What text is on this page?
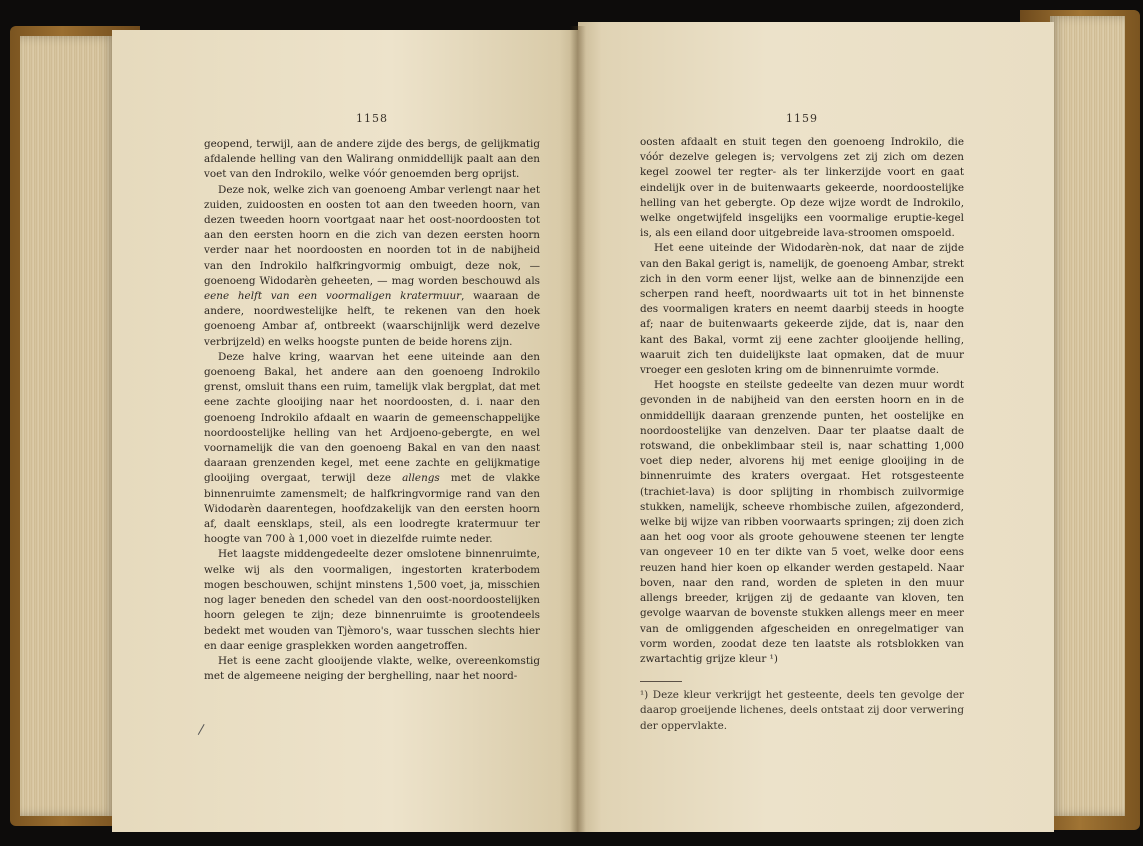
1158

geopend, terwijl, aan de andere zijde des bergs, de gelijkmatig afdalende helling van den Walirang onmiddellijk paalt aan den voet van den Indrokilo, welke vóór genoemden berg oprijst.

Deze nok, welke zich van goenoeng Ambar verlengt naar het zuiden, zuidoosten en oosten tot aan den tweeden hoorn, van dezen tweeden hoorn voortgaat naar het oost-noordoosten tot aan den eersten hoorn en die zich van dezen eersten hoorn verder naar het noordoosten en noorden tot in de nabijheid van den Indrokilo halfkringvormig ombuigt, deze nok, — goenoeng Widodarèn geheeten, — mag worden beschouwd als eene helft van een voormaligen kratermuur, waaraan de andere, noordwestelijke helft, te rekenen van den hoek goenoeng Ambar af, ontbreekt (waarschijnlijk werd dezelve verbrijzeld) en welks hoogste punten de beide horens zijn.

Deze halve kring, waarvan het eene uiteinde aan den goenoeng Bakal, het andere aan den goenoeng Indrokilo grenst, omsluit thans een ruim, tamelijk vlak bergplat, dat met eene zachte glooijing naar het noordoosten, d. i. naar den goenoeng Indrokilo afdaalt en waarin de gemeenschappelijke noordoostelijke helling van het Ardjoeno-gebergte, en wel voornamelijk die van den goenoeng Bakal en van den naast daaraan grenzenden kegel, met eene zachte en gelijkmatige glooijing overgaat, terwijl deze allengs met de vlakke binnenruimte zamensmelt; de halfkringvormige rand van den Widodarèn daarentegen, hoofdzakelijk van den eersten hoorn af, daalt eensklaps, steil, als een loodregte kratermuur ter hoogte van 700 à 1,000 voet in diezelfde ruimte neder.

Het laagste middengedeelte dezer omslotene binnenruimte, welke wij als den voormaligen, ingestorten kraterbodem mogen beschouwen, schijnt minstens 1,500 voet, ja, misschien nog lager beneden den schedel van den oost-noordoostelijken hoorn gelegen te zijn; deze binnenruimte is grootendeels bedekt met wouden van Tjèmoro's, waar tusschen slechts hier en daar eenige grasplekken worden aangetroffen.

Het is eene zacht glooijende vlakte, welke, overeenkomstig met de algemeene neiging der berghelling, naar het noord-

1159

oosten afdaalt en stuit tegen den goenoeng Indrokilo, die vóór dezelve gelegen is; vervolgens zet zij zich om dezen kegel zoowel ter regter- als ter linkerzijde voort en gaat eindelijk over in de buitenwaarts gekeerde, noordoostelijke helling van het gebergte. Op deze wijze wordt de Indrokilo, welke ongetwijfeld insgelijks een voormalige eruptie-kegel is, als een eiland door uitgebreide lava-stroomen omspoeld.

Het eene uiteinde der Widodarèn-nok, dat naar de zijde van den Bakal gerigt is, namelijk, de goenoeng Ambar, strekt zich in den vorm eener lijst, welke aan de binnenzijde een scherpen rand heeft, noordwaarts uit tot in het binnenste des voormaligen kraters en neemt daarbij steeds in hoogte af; naar de buitenwaarts gekeerde zijde, dat is, naar den kant des Bakal, vormt zij eene zachter glooijende helling, waaruit zich ten duidelijkste laat opmaken, dat de muur vroeger een gesloten kring om de binnenruimte vormde.

Het hoogste en steilste gedeelte van dezen muur wordt gevonden in de nabijheid van den eersten hoorn en in de onmiddellijk daaraan grenzende punten, het oostelijke en noordoostelijke van denzelven. Daar ter plaatse daalt de rotswand, die onbeklimbaar steil is, naar schatting 1,000 voet diep neder, alvorens hij met eenige glooijing in de binnenruimte des kraters overgaat. Het rotsgesteente (trachiet-lava) is door splijting in rhombisch zuilvormige stukken, namelijk, scheeve rhombische zuilen, afgezonderd, welke bij wijze van ribben voorwaarts springen; zij doen zich aan het oog voor als groote gehouwene steenen ter lengte van ongeveer 10 en ter dikte van 5 voet, welke door eens reuzen hand hier koen op elkander werden gestapeld. Naar boven, naar den rand, worden de spleten in den muur allengs breeder, krijgen zij de gedaante van kloven, ten gevolge waarvan de bovenste stukken allengs meer en meer van de omliggenden afgescheiden en onregelmatiger van vorm worden, zoodat deze ten laatste als rotsblokken van zwartachtig grijze kleur ¹)

¹) Deze kleur verkrijgt het gesteente, deels ten gevolge der daarop groeijende lichenes, deels ontstaat zij door verwering der oppervlakte.
